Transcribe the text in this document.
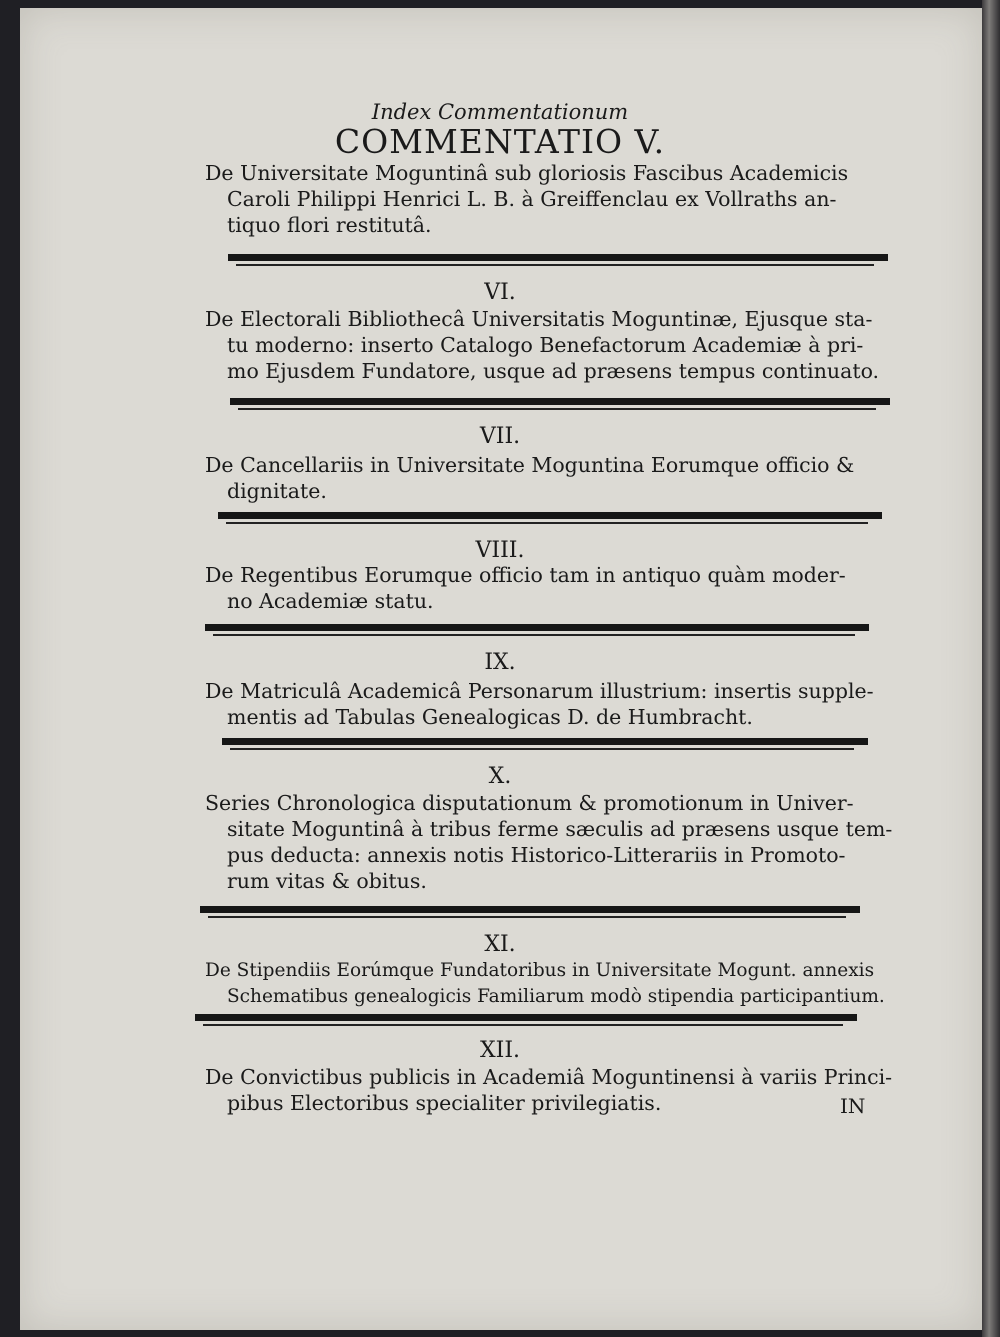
Index Commentationum
COMMENTATIO V.
De Universitate Moguntinâ sub gloriosis Fascibus Academicis
Caroli Philippi Henrici L. B. à Greiffenclau ex Vollraths an-
tiquo flori restitutâ.
VI.
De Electorali Bibliothecâ Universitatis Moguntinæ, Ejusque sta-
tu moderno: inserto Catalogo Benefactorum Academiæ à pri-
mo Ejusdem Fundatore, usque ad præsens tempus continuato.
VII.
De Cancellariis in Universitate Moguntina Eorumque officio &
dignitate.
VIII.
De Regentibus Eorumque officio tam in antiquo quàm moder-
no Academiæ statu.
IX.
De Matriculâ Academicâ Personarum illustrium: insertis supple-
mentis ad Tabulas Genealogicas D. de Humbracht.
X.
Series Chronologica disputationum & promotionum in Univer-
sitate Moguntinâ à tribus ferme sæculis ad præsens usque tem-
pus deducta: annexis notis Historico-Litterariis in Promoto-
rum vitas & obitus.
XI.
De Stipendiis Eorúmque Fundatoribus in Universitate Mogunt. annexis
Schematibus genealogicis Familiarum modò stipendia participantium.
XII.
De Convictibus publicis in Academiâ Moguntinensi à variis Princi-
pibus Electoribus specialiter privilegiatis.	IN
